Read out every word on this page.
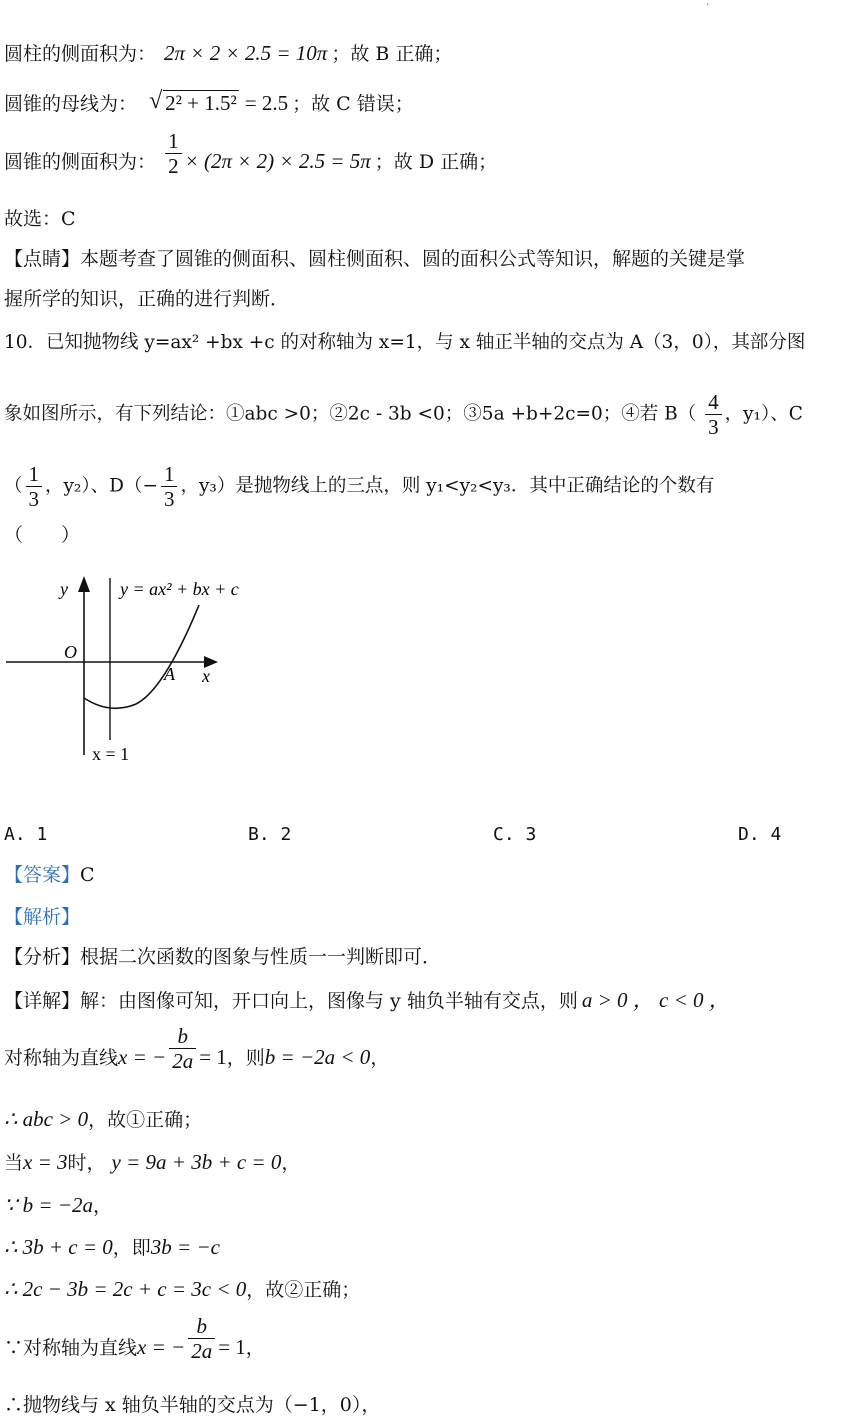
·
圆柱的侧面积为： 2π × 2 × 2.5 = 10π ；故 B 正确；
圆锥的母线为： √ 2² + 1.5² = 2.5 ；故 C 错误；
圆锥的侧面积为： $\frac{1}{2} \times (2\pi \times 2) \times 2.5 = 5\pi$ ；故 D 正确；
故选：C
【点睛】本题考查了圆锥的侧面积、圆柱侧面积、圆的面积公式等知识，解题的关键是掌
握所学的知识，正确的进行判断．
10．已知抛物线 y=ax² +bx +c 的对称轴为 x=1，与 x 轴正半轴的交点为 A（3，0），其部分图
象如图所示，有下列结论：①abc >0；②2c ‑ 3b <0；③5a +b+2c=0；④若 $B( \frac{4}{3}$ ，y₁）、C
（ $\frac{1}{3}$ ，y₂）、$D(- \frac{1}{3}$ ，y₃）是抛物线上的三点，则 y₁<y₂<y₃．其中正确结论的个数有
（　　）
y	y = ax² + bx + c
O
A x
x = 1
A. 1	B. 2	C. 3	D. 4
【答案】C
【解析】
【分析】根据二次函数的图象与性质一一判断即可．
【详解】解：由图像可知，开口向上，图像与 y 轴负半轴有交点，则 a > 0 ， c < 0 ，
对称轴为直线x = − $\frac{b}{2a} = 1$，则b = −2a < 0，
∴ abc > 0，故①正确；
当x = 3时， y = 9a + 3b + c = 0，
∵ b = −2a，
∴ 3b + c = 0，即3b = −c
∴ 2c − 3b = 2c + c = 3c < 0，故②正确；
∵对称轴为直线x = − $\frac{b}{2a} = 1$，
∴抛物线与 x 轴负半轴的交点为（−1，0），
